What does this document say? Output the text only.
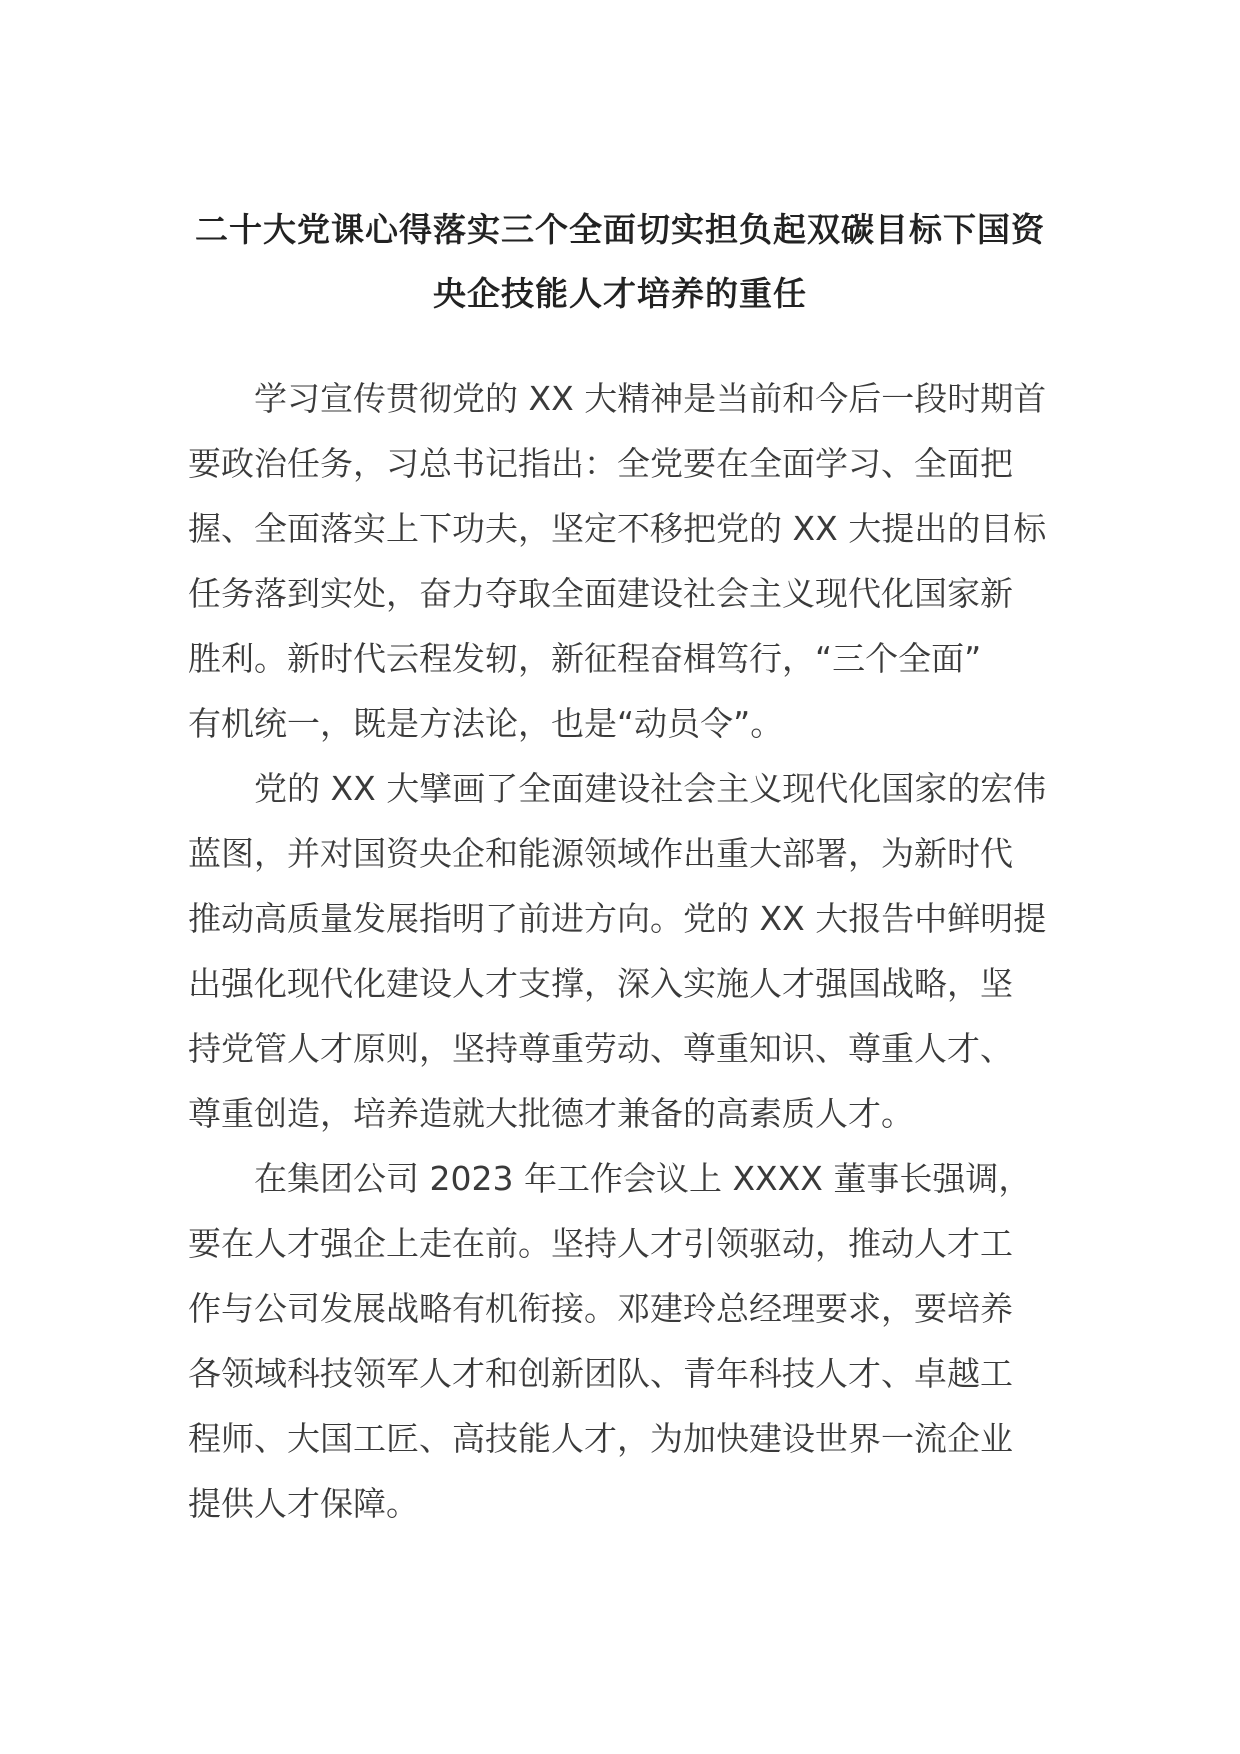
二十大党课心得落实三个全面切实担负起双碳目标下国资
央企技能人才培养的重任

学习宣传贯彻党的 XX 大精神是当前和今后一段时期首
要政治任务，习总书记指出：全党要在全面学习、全面把
握、全面落实上下功夫，坚定不移把党的 XX 大提出的目标
任务落到实处，奋力夺取全面建设社会主义现代化国家新
胜利。新时代云程发轫，新征程奋楫笃行，“三个全面”
有机统一，既是方法论，也是“动员令”。

党的 XX 大擘画了全面建设社会主义现代化国家的宏伟
蓝图，并对国资央企和能源领域作出重大部署，为新时代
推动高质量发展指明了前进方向。党的 XX 大报告中鲜明提
出强化现代化建设人才支撑，深入实施人才强国战略，坚
持党管人才原则，坚持尊重劳动、尊重知识、尊重人才、
尊重创造，培养造就大批德才兼备的高素质人才。

在集团公司 2023 年工作会议上 XXXX 董事长强调，
要在人才强企上走在前。坚持人才引领驱动，推动人才工
作与公司发展战略有机衔接。邓建玲总经理要求，要培养
各领域科技领军人才和创新团队、青年科技人才、卓越工
程师、大国工匠、高技能人才，为加快建设世界一流企业
提供人才保障。
